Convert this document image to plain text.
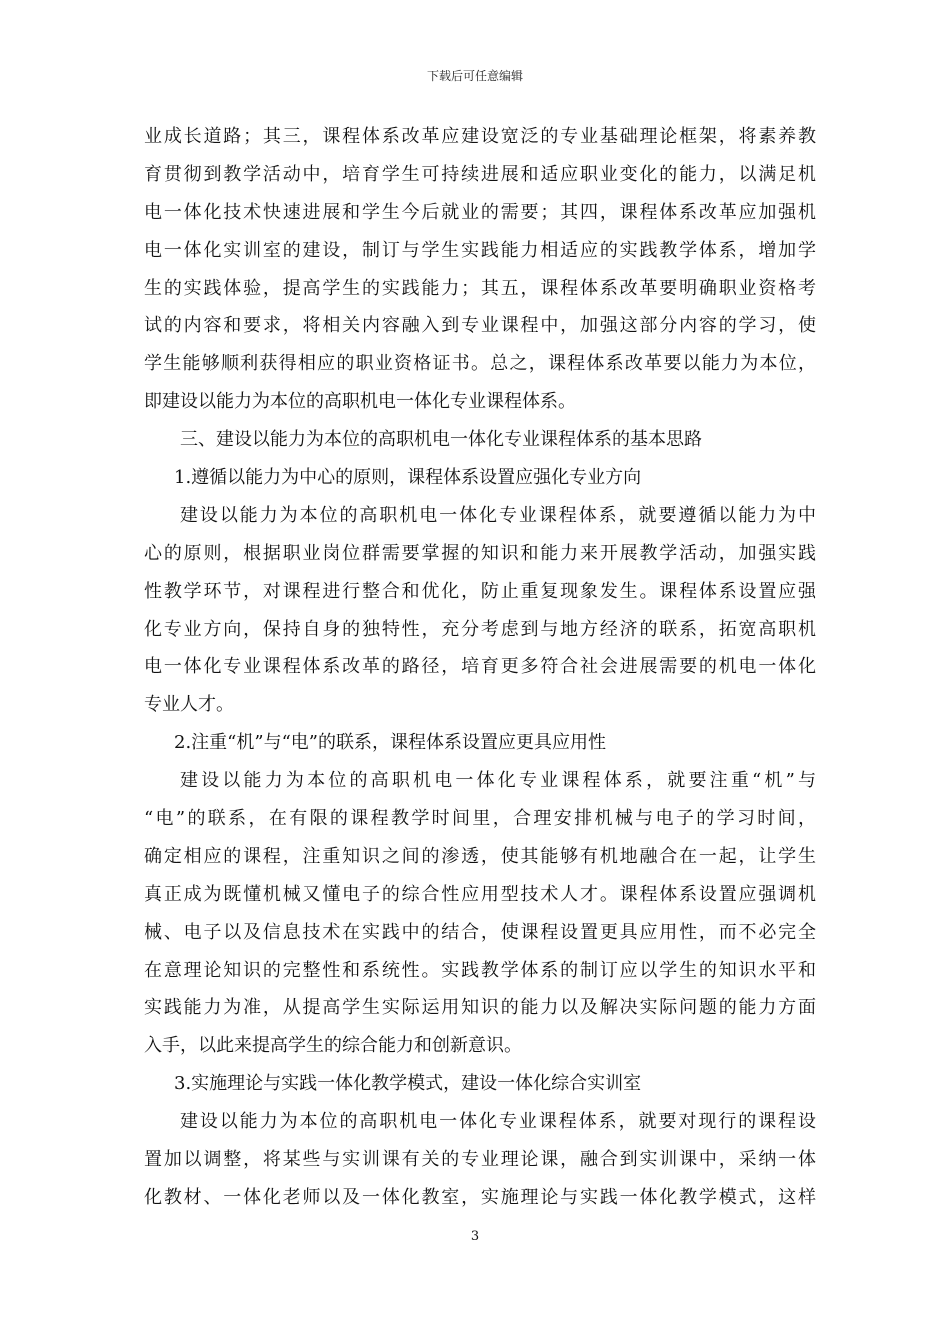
下载后可任意编辑
业成长道路；其三，课程体系改革应建设宽泛的专业基础理论框架，将素养教
育贯彻到教学活动中，培育学生可持续进展和适应职业变化的能力，以满足机
电一体化技术快速进展和学生今后就业的需要；其四，课程体系改革应加强机
电一体化实训室的建设，制订与学生实践能力相适应的实践教学体系，增加学
生的实践体验，提高学生的实践能力；其五，课程体系改革要明确职业资格考
试的内容和要求，将相关内容融入到专业课程中，加强这部分内容的学习，使
学生能够顺利获得相应的职业资格证书。总之，课程体系改革要以能力为本位，
即建设以能力为本位的高职机电一体化专业课程体系。
三、建设以能力为本位的高职机电一体化专业课程体系的基本思路
1.遵循以能力为中心的原则，课程体系设置应强化专业方向
建设以能力为本位的高职机电一体化专业课程体系，就要遵循以能力为中
心的原则，根据职业岗位群需要掌握的知识和能力来开展教学活动，加强实践
性教学环节，对课程进行整合和优化，防止重复现象发生。课程体系设置应强
化专业方向，保持自身的独特性，充分考虑到与地方经济的联系，拓宽高职机
电一体化专业课程体系改革的路径，培育更多符合社会进展需要的机电一体化
专业人才。
2.注重“机”与“电”的联系，课程体系设置应更具应用性
建设以能力为本位的高职机电一体化专业课程体系，就要注重“机”与
“电”的联系，在有限的课程教学时间里，合理安排机械与电子的学习时间，
确定相应的课程，注重知识之间的渗透，使其能够有机地融合在一起，让学生
真正成为既懂机械又懂电子的综合性应用型技术人才。课程体系设置应强调机
械、电子以及信息技术在实践中的结合，使课程设置更具应用性，而不必完全
在意理论知识的完整性和系统性。实践教学体系的制订应以学生的知识水平和
实践能力为准，从提高学生实际运用知识的能力以及解决实际问题的能力方面
入手，以此来提高学生的综合能力和创新意识。
3.实施理论与实践一体化教学模式，建设一体化综合实训室
建设以能力为本位的高职机电一体化专业课程体系，就要对现行的课程设
置加以调整，将某些与实训课有关的专业理论课，融合到实训课中，采纳一体
化教材、一体化老师以及一体化教室，实施理论与实践一体化教学模式，这样
3
